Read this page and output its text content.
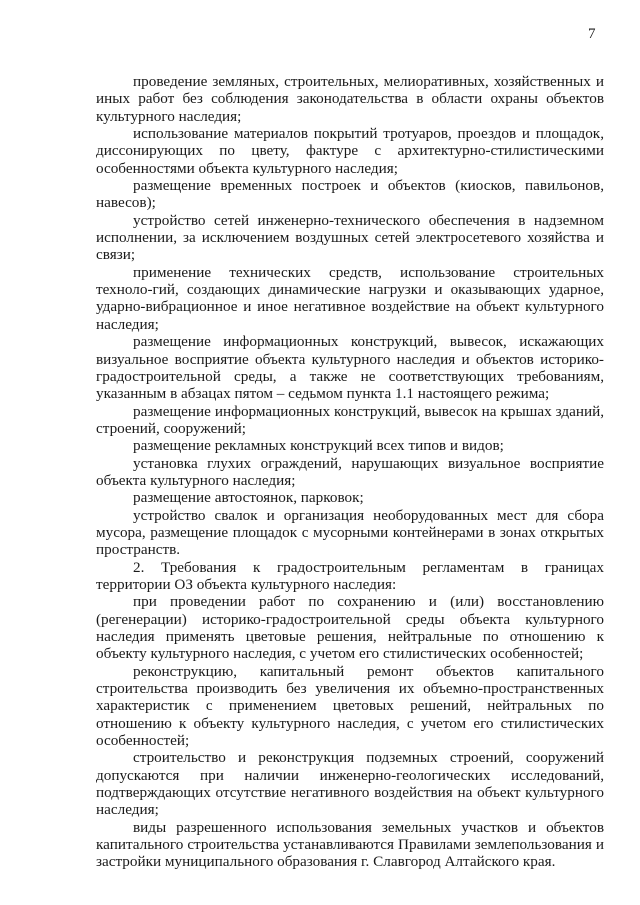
7

проведение земляных, строительных, мелиоративных, хозяйственных и иных работ без соблюдения законодательства в области охраны объектов культурного наследия;

использование материалов покрытий тротуаров, проездов и площадок, диссонирующих по цвету, фактуре с архитектурно-стилистическими особенностями объекта культурного наследия;

размещение временных построек и объектов (киосков, павильонов, навесов);

устройство сетей инженерно-технического обеспечения в надземном исполнении, за исключением воздушных сетей электросетевого хозяйства и связи;

применение технических средств, использование строительных техноло-гий, создающих динамические нагрузки и оказывающих ударное, ударно-вибрационное и иное негативное воздействие на объект культурного наследия;

размещение информационных конструкций, вывесок, искажающих визуальное восприятие объекта культурного наследия и объектов историко-градостроительной среды, а также не соответствующих требованиям, указанным в абзацах пятом – седьмом пункта 1.1 настоящего режима;

размещение информационных конструкций, вывесок на крышах зданий, строений, сооружений;

размещение рекламных конструкций всех типов и видов;

установка глухих ограждений, нарушающих визуальное восприятие объекта культурного наследия;

размещение автостоянок, парковок;

устройство свалок и организация необорудованных мест для сбора мусора, размещение площадок с мусорными контейнерами в зонах открытых пространств.

2. Требования к градостроительным регламентам в границах территории ОЗ объекта культурного наследия:

при проведении работ по сохранению и (или) восстановлению (регенерации) историко-градостроительной среды объекта культурного наследия применять цветовые решения, нейтральные по отношению к объекту культурного наследия, с учетом его стилистических особенностей;

реконструкцию, капитальный ремонт объектов капитального строительства производить без увеличения их объемно-пространственных характеристик с применением цветовых решений, нейтральных по отношению к объекту культурного наследия, с учетом его стилистических особенностей;

строительство и реконструкция подземных строений, сооружений допускаются при наличии инженерно-геологических исследований, подтверждающих отсутствие негативного воздействия на объект культурного наследия;

виды разрешенного использования земельных участков и объектов капитального строительства устанавливаются Правилами землепользования и застройки муниципального образования г. Славгород Алтайского края.
